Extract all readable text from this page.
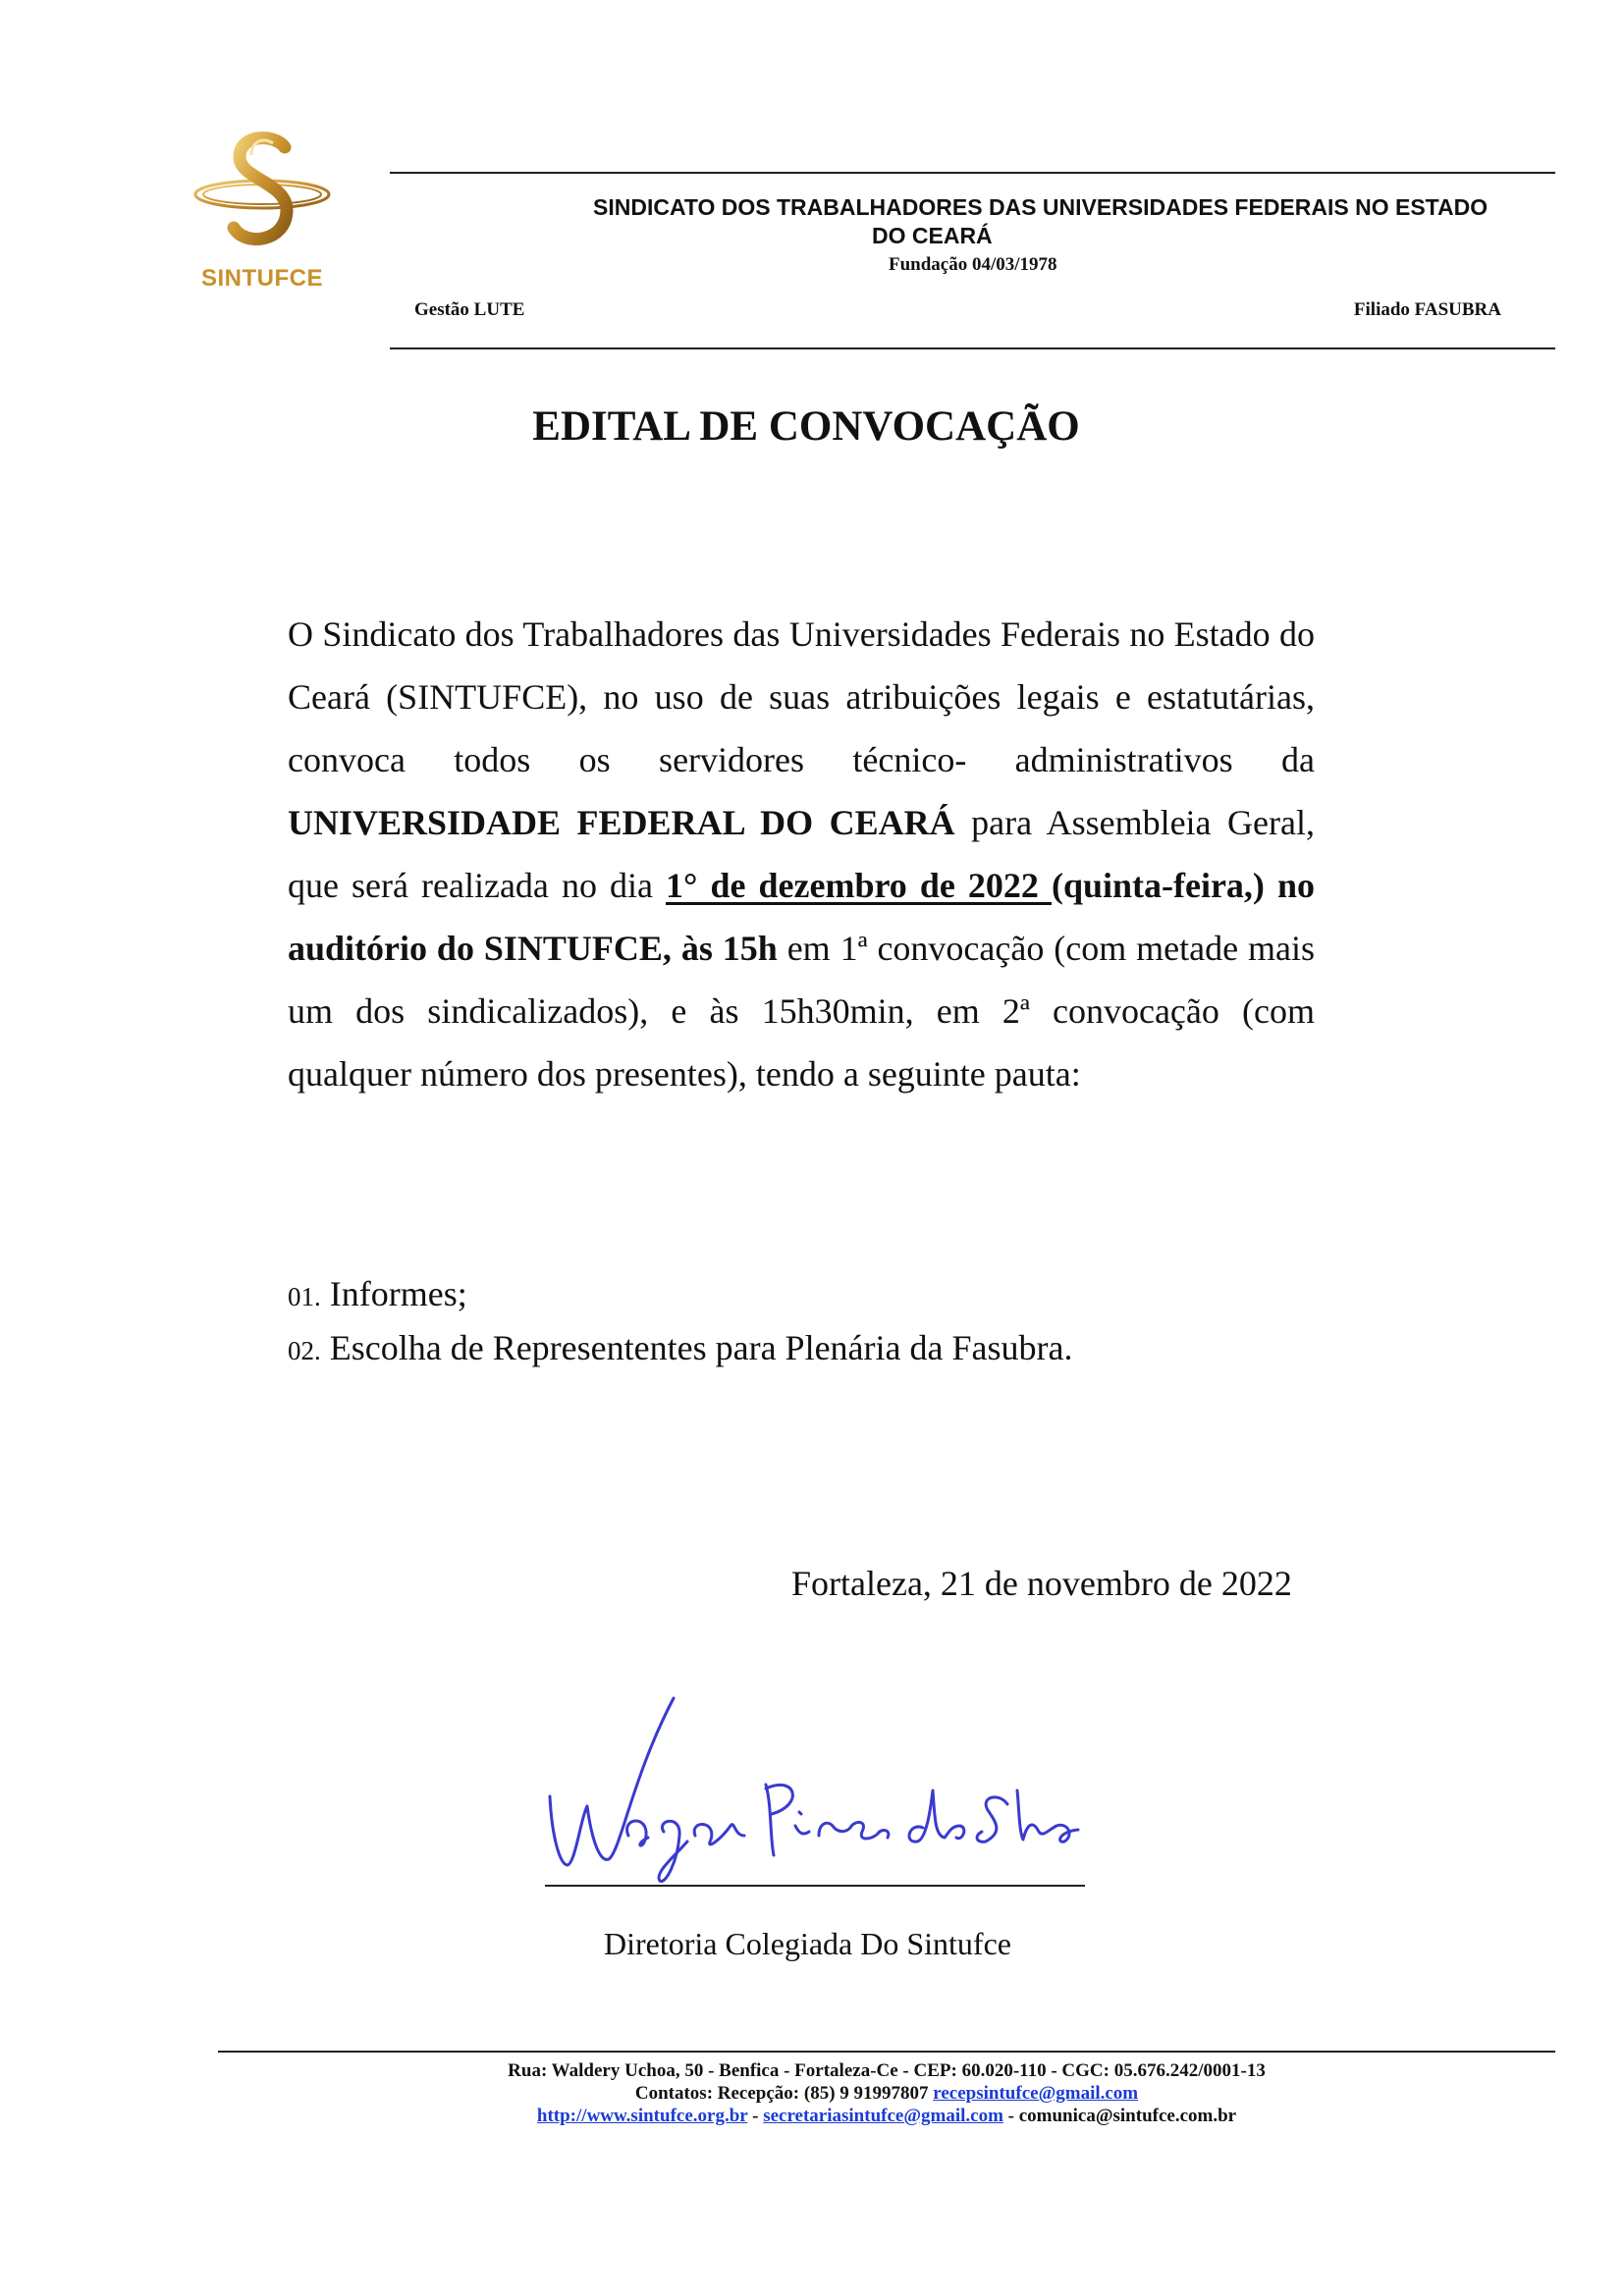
SINTUFCE
SINDICATO DOS TRABALHADORES DAS UNIVERSIDADES FEDERAIS NO ESTADO
DO CEARÁ
Fundação 04/03/1978
Gestão LUTE	Filiado FASUBRA
EDITAL DE CONVOCAÇÃO
O Sindicato dos Trabalhadores das Universidades Federais no Estado do Ceará (SINTUFCE), no uso de suas atribuições legais e estatutárias, convoca todos os servidores técnico- administrativos da UNIVERSIDADE FEDERAL DO CEARÁ para Assembleia Geral, que será realizada no dia 1° de dezembro de 2022 (quinta-feira,) no auditório do SINTUFCE, às 15h em 1ª convocação (com metade mais um dos sindicalizados), e às 15h30min, em 2ª convocação (com qualquer número dos presentes), tendo a seguinte pauta:
01. Informes;
02. Escolha de Represententes para Plenária da Fasubra.
Fortaleza, 21 de novembro de 2022
Diretoria Colegiada Do Sintufce
Rua: Waldery Uchoa, 50 - Benfica - Fortaleza-Ce - CEP: 60.020-110 - CGC: 05.676.242/0001-13
Contatos: Recepção: (85) 9 91997807 recepsintufce@gmail.com
http://www.sintufce.org.br - secretariasintufce@gmail.com - comunica@sintufce.com.br
